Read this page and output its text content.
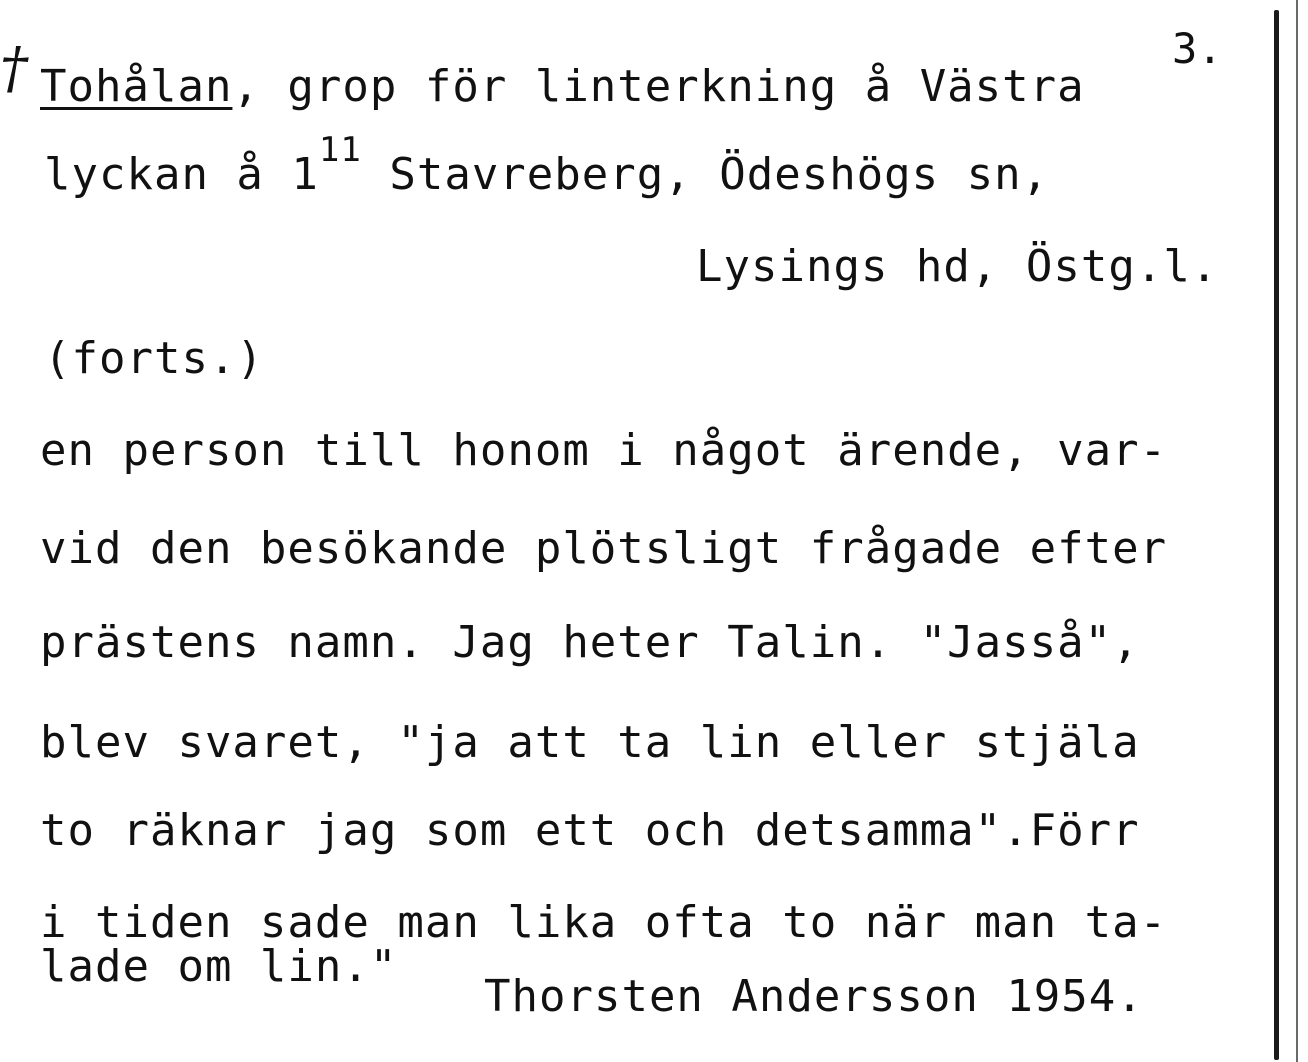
†	3.
Tohålan, grop för linterkning å Västra
lyckan å $1^{11}$ Stavreberg, Ödeshögs sn,
Lysings hd, Östg.l.
(forts.)
en person till honom i något ärende, var-
vid den besökande plötsligt frågade efter
prästens namn. Jag heter Talin. "Jasså",
blev svaret, "ja att ta lin eller stjäla
to räknar jag som ett och detsamma".Förr
i tiden sade man lika ofta to när man ta-
lade om lin."
Thorsten Andersson 1954.
